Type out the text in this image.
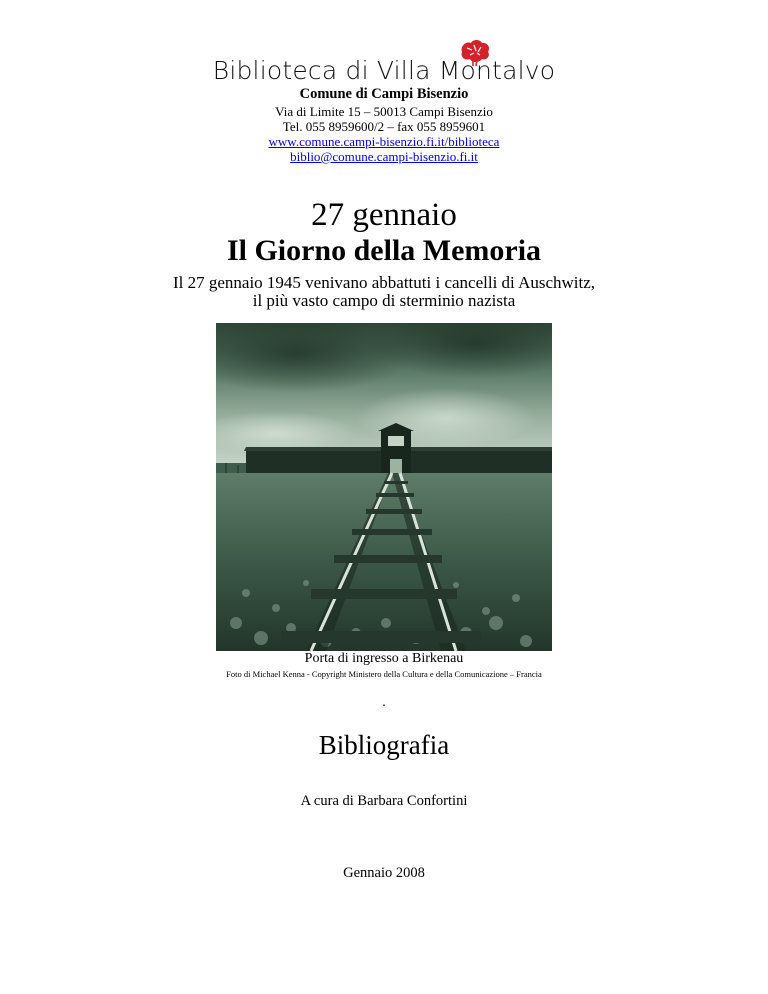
Biblioteca di Villa Montalvo
Comune di Campi Bisenzio
Via di Limite 15 – 50013 Campi Bisenzio
Tel. 055 8959600/2 – fax 055 8959601
www.comune.campi-bisenzio.fi.it/biblioteca
biblio@comune.campi-bisenzio.fi.it
27 gennaio
Il Giorno della Memoria
Il 27 gennaio 1945 venivano abbattuti i cancelli di Auschwitz,
il più vasto campo di sterminio nazista
Porta di ingresso a Birkenau
Foto di Michael Kenna - Copyright Ministero della Cultura e della Comunicazione – Francia
.
Bibliografia
A cura di Barbara Confortini
Gennaio 2008
